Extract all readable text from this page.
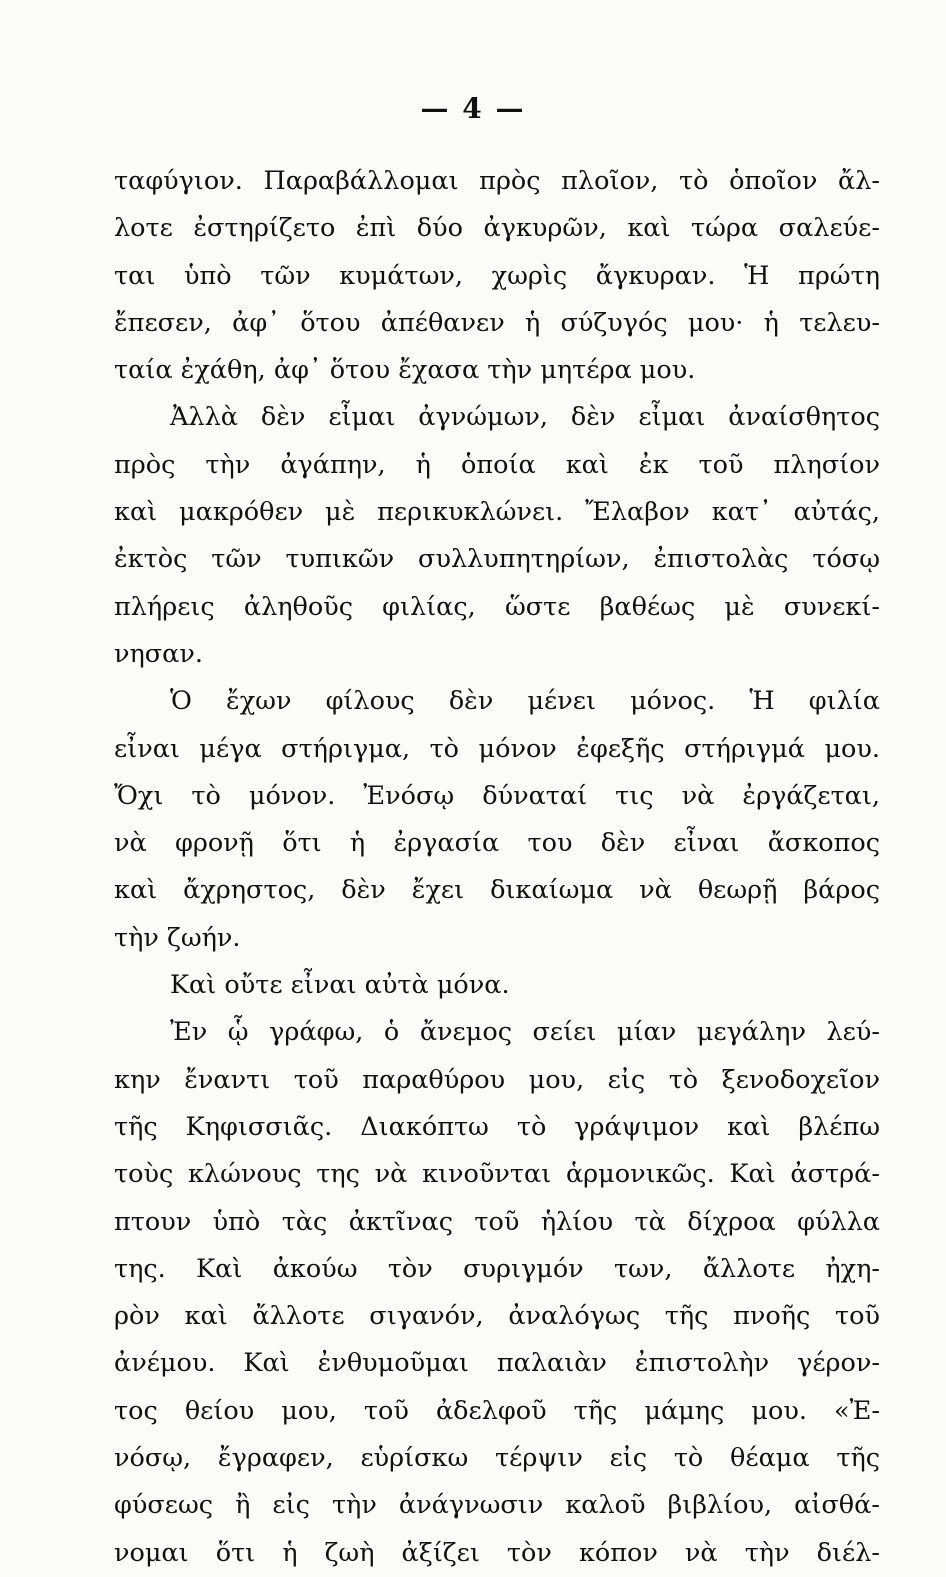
— 4 —
ταφύγιον. Παραβάλλομαι πρὸς πλοῖον, τὸ ὁποῖον ἄλ-
λοτε ἐστηρίζετο ἐπὶ δύο ἀγκυρῶν, καὶ τώρα σαλεύε-
ται ὑπὸ τῶν κυμάτων, χωρὶς ἄγκυραν. Ἡ πρώτη
ἔπεσεν, ἀφ᾽ ὅτου ἀπέθανεν ἡ σύζυγός μου· ἡ τελευ-
ταία ἐχάθη, ἀφ᾽ ὅτου ἔχασα τὴν μητέρα μου.
Ἀλλὰ δὲν εἶμαι ἀγνώμων, δὲν εἶμαι ἀναίσθητος
πρὸς τὴν ἀγάπην, ἡ ὁποία καὶ ἐκ τοῦ πλησίον
καὶ μακρόθεν μὲ περικυκλώνει. Ἔλαβον κατ᾽ αὐτάς,
ἐκτὸς τῶν τυπικῶν συλλυπητηρίων, ἐπιστολὰς τόσῳ
πλήρεις ἀληθοῦς φιλίας, ὥστε βαθέως μὲ συνεκί-
νησαν.
Ὁ ἔχων φίλους δὲν μένει μόνος. Ἡ φιλία
εἶναι μέγα στήριγμα, τὸ μόνον ἐφεξῆς στήριγμά μου.
Ὄχι τὸ μόνον. Ἐνόσῳ δύναταί τις νὰ ἐργάζεται,
νὰ φρονῇ ὅτι ἡ ἐργασία του δὲν εἶναι ἄσκοπος
καὶ ἄχρηστος, δὲν ἔχει δικαίωμα νὰ θεωρῇ βάρος
τὴν ζωήν.
Καὶ οὔτε εἶναι αὐτὰ μόνα.
Ἐν ᾧ γράφω, ὁ ἄνεμος σείει μίαν μεγάλην λεύ-
κην ἔναντι τοῦ παραθύρου μου, εἰς τὸ ξενοδοχεῖον
τῆς Κηφισσιᾶς. Διακόπτω τὸ γράψιμον καὶ βλέπω
τοὺς κλώνους της νὰ κινοῦνται ἁρμονικῶς. Καὶ ἀστρά-
πτουν ὑπὸ τὰς ἀκτῖνας τοῦ ἡλίου τὰ δίχροα φύλλα
της. Καὶ ἀκούω τὸν συριγμόν των, ἄλλοτε ἠχη-
ρὸν καὶ ἄλλοτε σιγανόν, ἀναλόγως τῆς πνοῆς τοῦ
ἀνέμου. Καὶ ἐνθυμοῦμαι παλαιὰν ἐπιστολὴν γέρον-
τος θείου μου, τοῦ ἀδελφοῦ τῆς μάμης μου. «Ἐ-
νόσῳ, ἔγραφεν, εὑρίσκω τέρψιν εἰς τὸ θέαμα τῆς
φύσεως ἢ εἰς τὴν ἀνάγνωσιν καλοῦ βιβλίου, αἰσθά-
νομαι ὅτι ἡ ζωὴ ἀξίζει τὸν κόπον νὰ τὴν διέλ-
